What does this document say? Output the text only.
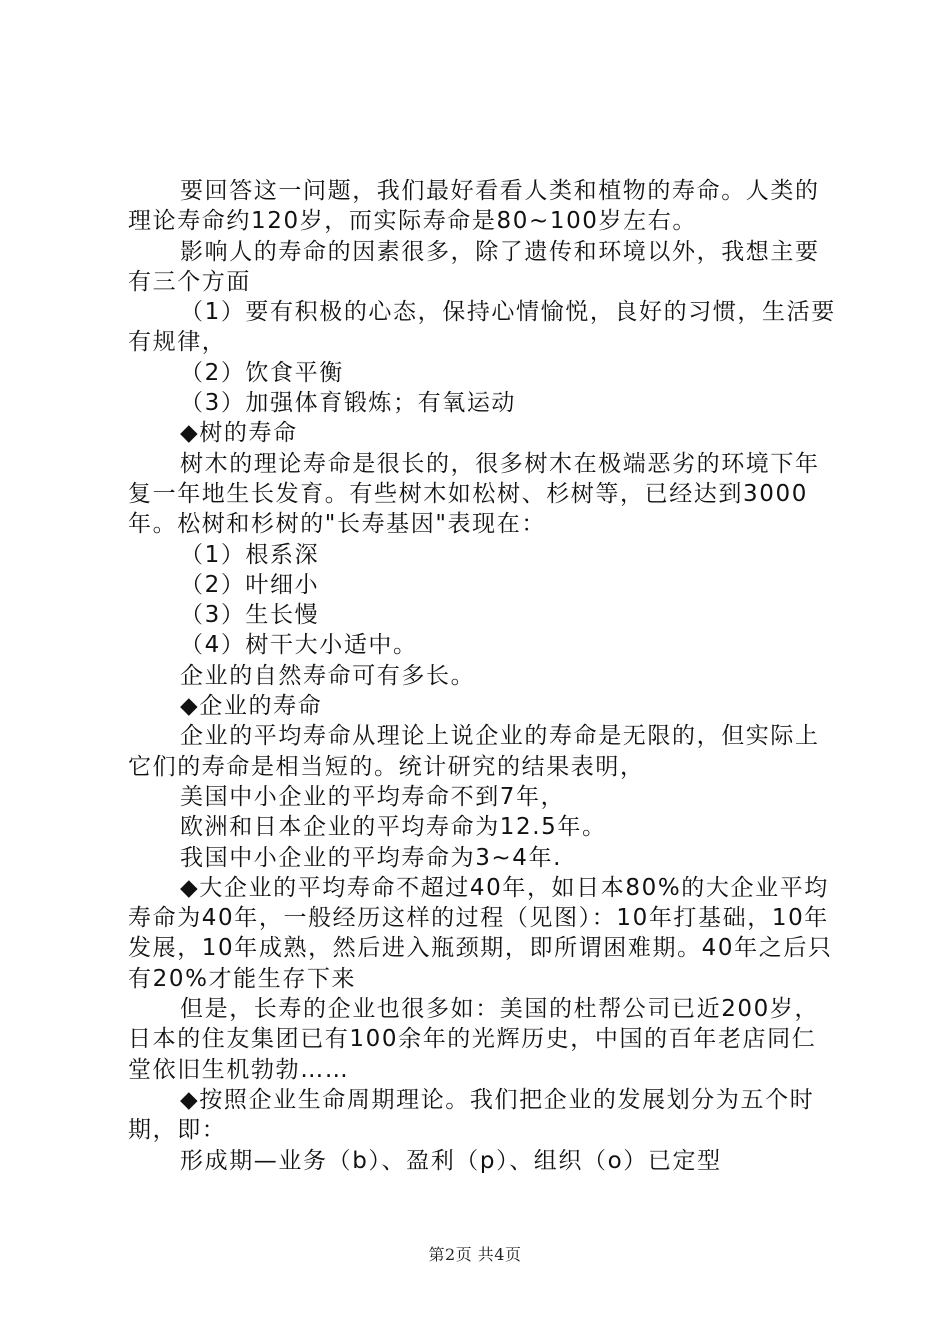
要回答这一问题，我们最好看看人类和植物的寿命。人类的理论寿命约120岁，而实际寿命是80~100岁左右。

影响人的寿命的因素很多，除了遗传和环境以外，我想主要有三个方面

（1）要有积极的心态，保持心情愉悦，良好的习惯，生活要有规律，

（2）饮食平衡

（3）加强体育锻炼；有氧运动

◆树的寿命

树木的理论寿命是很长的，很多树木在极端恶劣的环境下年复一年地生长发育。有些树木如松树、杉树等，已经达到3000年。松树和杉树的"长寿基因"表现在：

（1）根系深

（2）叶细小

（3）生长慢

（4）树干大小适中。

企业的自然寿命可有多长。

◆企业的寿命

企业的平均寿命从理论上说企业的寿命是无限的，但实际上它们的寿命是相当短的。统计研究的结果表明，

美国中小企业的平均寿命不到7年，

欧洲和日本企业的平均寿命为12.5年。

我国中小企业的平均寿命为3~4年.

◆大企业的平均寿命不超过40年，如日本80%的大企业平均寿命为40年，一般经历这样的过程（见图）：10年打基础，10年发展，10年成熟，然后进入瓶颈期，即所谓困难期。40年之后只有20%才能生存下来

但是，长寿的企业也很多如：美国的杜帮公司已近200岁，日本的住友集团已有100余年的光辉历史，中国的百年老店同仁堂依旧生机勃勃……

◆按照企业生命周期理论。我们把企业的发展划分为五个时期，即：

形成期—业务（b）、盈利（p）、组织（o）已定型

第2页 共4页
